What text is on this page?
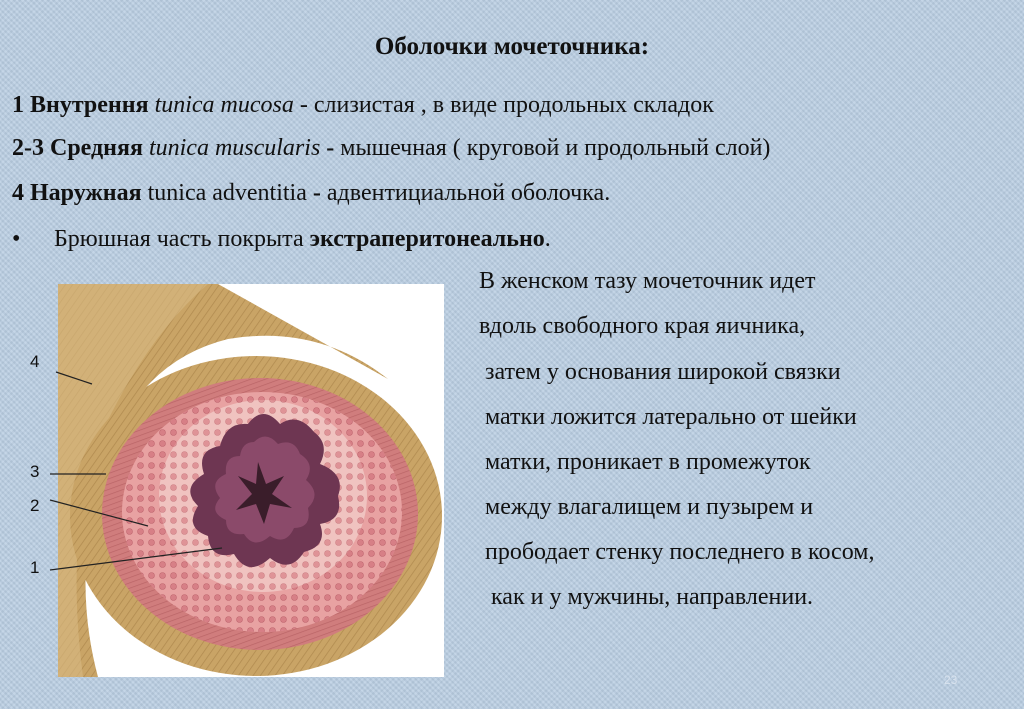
Оболочки мочеточника:
1 Внутрення tunica mucosa - слизистая , в виде продольных складок
2-3 Средняя tunica muscularis - мышечная ( круговой и продольный слой)
4 Наружная tunica adventitia - адвентициальной оболочка.
• Брюшная часть покрыта экстраперитонеально.
В женском тазу мочеточник идет
вдоль свободного края яичника,
затем у основания широкой связки
матки ложится латерально от шейки
матки, проникает в промежуток
между влагалищем и пузырем и
прободает стенку последнего в косом,
как и у мужчины, направлении.
4
3
2
1
23
